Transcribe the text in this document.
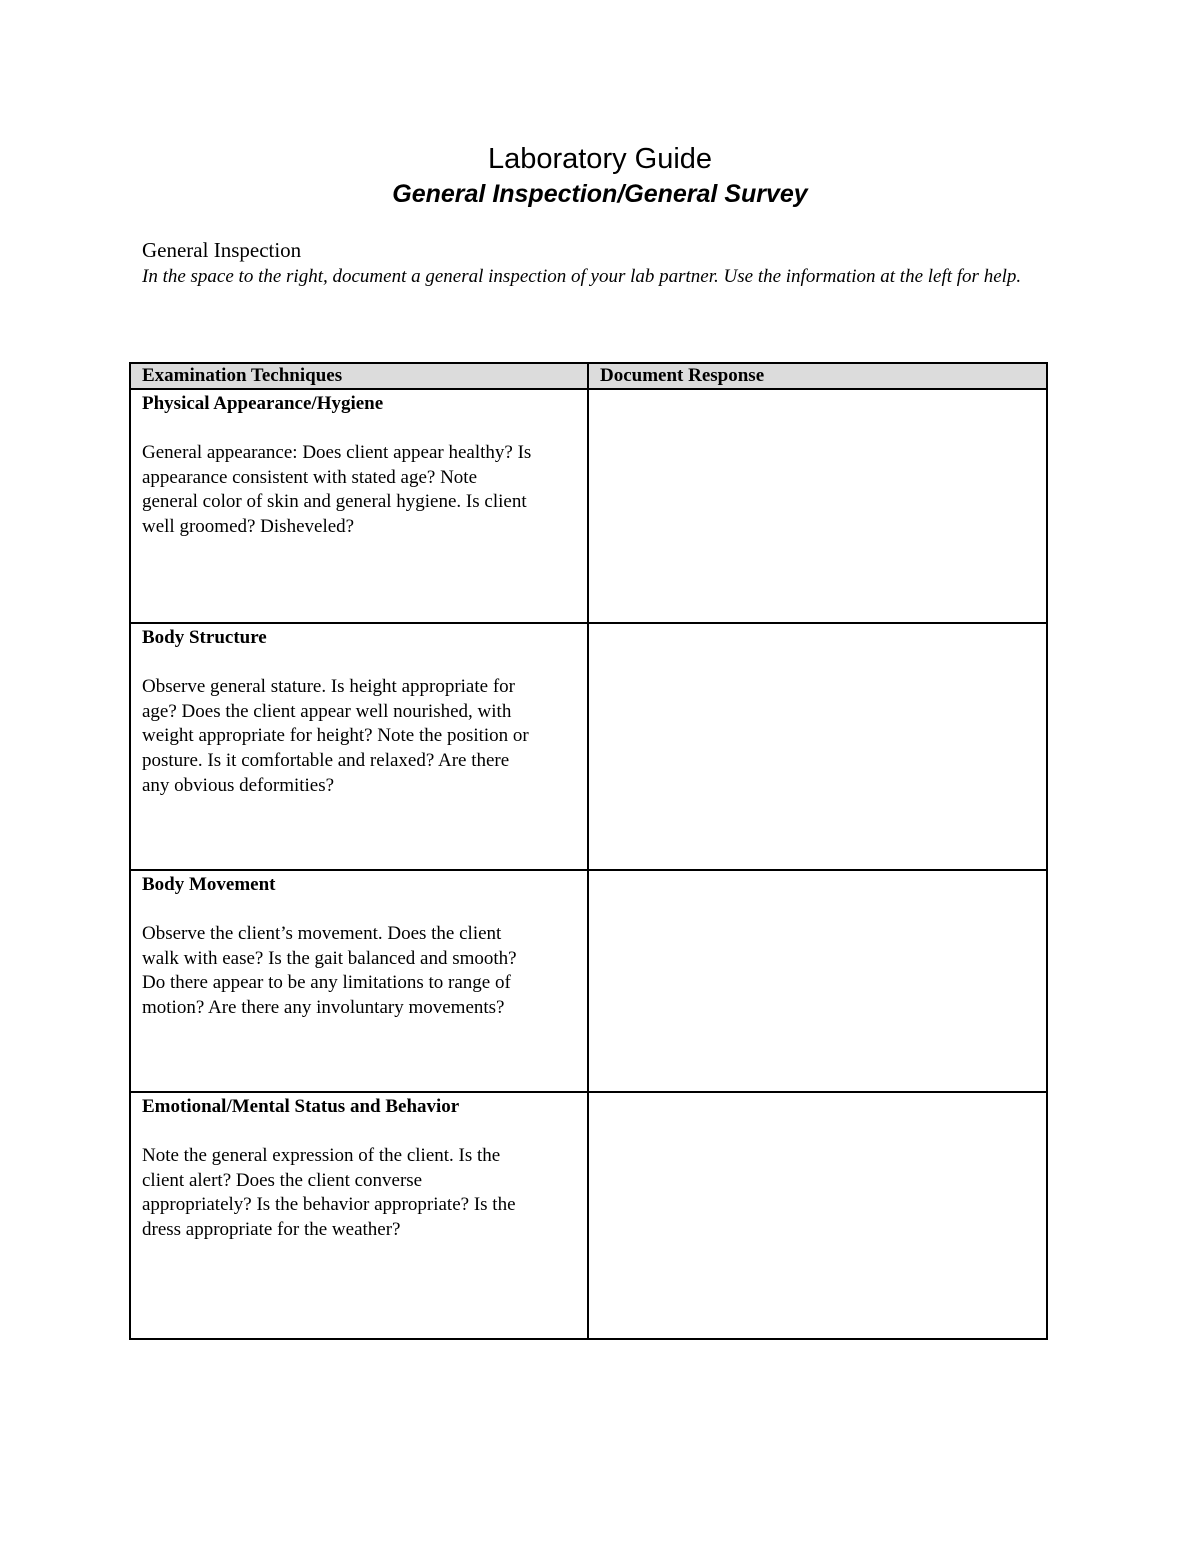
Laboratory Guide
General Inspection/General Survey

General Inspection

In the space to the right, document a general inspection of your lab partner. Use the information at the left for help.

Examination Techniques	Document Response

Physical Appearance/Hygiene
General appearance: Does client appear healthy? Is appearance consistent with stated age? Note general color of skin and general hygiene. Is client well groomed? Disheveled?	

Body Structure
Observe general stature. Is height appropriate for age? Does the client appear well nourished, with weight appropriate for height? Note the position or posture. Is it comfortable and relaxed? Are there any obvious deformities?	

Body Movement
Observe the client’s movement. Does the client walk with ease? Is the gait balanced and smooth? Do there appear to be any limitations to range of motion? Are there any involuntary movements?	

Emotional/Mental Status and Behavior
Note the general expression of the client. Is the client alert? Does the client converse appropriately? Is the behavior appropriate? Is the dress appropriate for the weather?	
